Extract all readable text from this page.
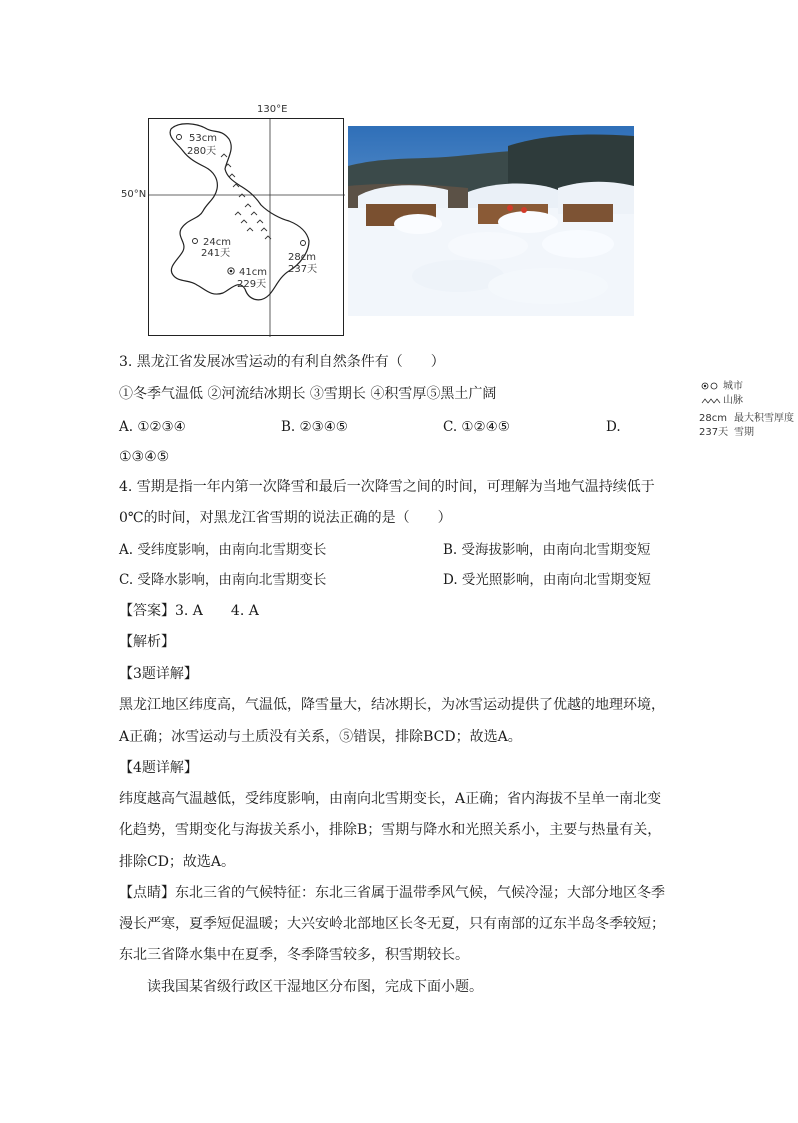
130°E
50°N
53cm
280天
24cm
241天
41cm
229天
28cm
237天
城市
山脉
28cm 最大积雪厚度
237天 雪期
3. 黑龙江省发展冰雪运动的有利自然条件有（　　）
①冬季气温低 ②河流结冰期长 ③雪期长 ④积雪厚⑤黑土广阔
A. ①②③④	B. ②③④⑤	C. ①②④⑤	D.
①③④⑤
4. 雪期是指一年内第一次降雪和最后一次降雪之间的时间，可理解为当地气温持续低于
0℃的时间，对黑龙江省雪期的说法正确的是（　　）
A. 受纬度影响，由南向北雪期变长	B. 受海拔影响，由南向北雪期变短
C. 受降水影响，由南向北雪期变长	D. 受光照影响，由南向北雪期变短
【答案】3. A　　4. A
【解析】
【3题详解】
黑龙江地区纬度高，气温低，降雪量大，结冰期长，为冰雪运动提供了优越的地理环境，
A正确；冰雪运动与土质没有关系，⑤错误，排除BCD；故选A。
【4题详解】
纬度越高气温越低，受纬度影响，由南向北雪期变长，A正确；省内海拔不呈单一南北变
化趋势，雪期变化与海拔关系小，排除B；雪期与降水和光照关系小，主要与热量有关，
排除CD；故选A。
【点睛】东北三省的气候特征：东北三省属于温带季风气候，气候冷湿；大部分地区冬季
漫长严寒，夏季短促温暖；大兴安岭北部地区长冬无夏，只有南部的辽东半岛冬季较短；
东北三省降水集中在夏季，冬季降雪较多，积雪期较长。
读我国某省级行政区干湿地区分布图，完成下面小题。
